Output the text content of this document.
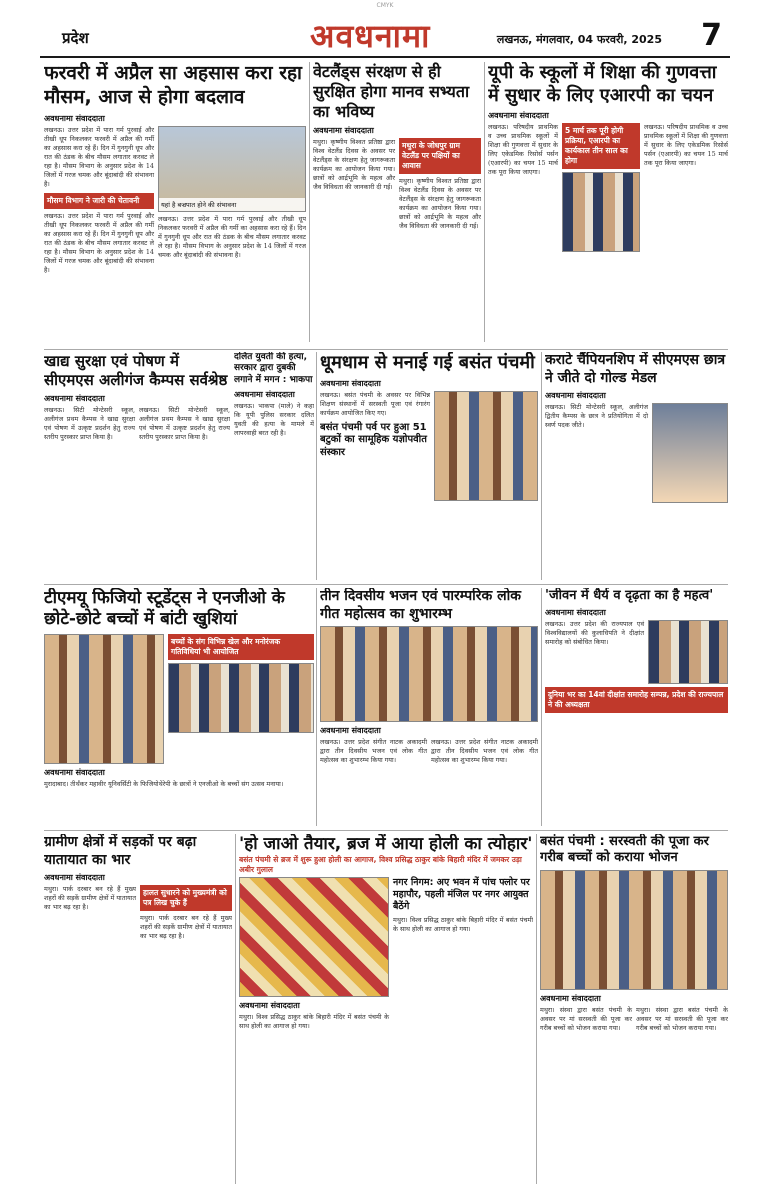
CMYK
प्रदेश	अवधनामा	लखनऊ, मंगलवार, 04 फरवरी, 2025 7
फरवरी में अप्रैल सा अहसास करा रहा मौसम, आज से होगा बदलाव
अवधनामा संवाददाता

लखनऊ। उत्तर प्रदेश में पारा गर्म पुरवाई और तीखी धूप निकलकर फरवरी में अप्रैल की गर्मी का अहसास करा रहे हैं। दिन में गुनगुनी धूप और रात की ठंडक के बीच मौसम लगातार करवट ले रहा है। मौसम विभाग के अनुसार प्रदेश के 14 जिलों में गरज चमक और बूंदाबांदी की संभावना है।

मौसम विभाग ने जारी की चेतावनी

लखनऊ। उत्तर प्रदेश में पारा गर्म पुरवाई और तीखी धूप निकलकर फरवरी में अप्रैल की गर्मी का अहसास करा रहे हैं। दिन में गुनगुनी धूप और रात की ठंडक के बीच मौसम लगातार करवट ले रहा है। मौसम विभाग के अनुसार प्रदेश के 14 जिलों में गरज चमक और बूंदाबांदी की संभावना है।

यहां है बज्रपात होने की संभावना

लखनऊ। उत्तर प्रदेश में पारा गर्म पुरवाई और तीखी धूप निकलकर फरवरी में अप्रैल की गर्मी का अहसास करा रहे हैं। दिन में गुनगुनी धूप और रात की ठंडक के बीच मौसम लगातार करवट ले रहा है। मौसम विभाग के अनुसार प्रदेश के 14 जिलों में गरज चमक और बूंदाबांदी की संभावना है।

वेटलैंड्स संरक्षण से ही सुरक्षित होगा मानव सभ्यता का भविष्य
अवधनामा संवाददाता

मथुरा। कृष्णीय विश्वत प्रतिष्ठा द्वारा विश्व वेटलैंड दिवस के अवसर पर वेटलैंड्स के संरक्षण हेतु जागरूकता कार्यक्रम का आयोजन किया गया। छात्रों को आर्द्रभूमि के महत्व और जैव विविधता की जानकारी दी गई।

मथुरा के जोधपुर ग्राम वेटलैंड पर पक्षियों का आवास

मथुरा। कृष्णीय विश्वत प्रतिष्ठा द्वारा विश्व वेटलैंड दिवस के अवसर पर वेटलैंड्स के संरक्षण हेतु जागरूकता कार्यक्रम का आयोजन किया गया। छात्रों को आर्द्रभूमि के महत्व और जैव विविधता की जानकारी दी गई।

यूपी के स्कूलों में शिक्षा की गुणवत्ता में सुधार के लिए एआरपी का चयन
अवधनामा संवाददाता

लखनऊ। परिषदीय प्राथमिक व उच्च प्राथमिक स्कूलों में शिक्षा की गुणवत्ता में सुधार के लिए एकेडमिक रिसोर्स पर्सन (एआरपी) का चयन 15 मार्च तक पूरा किया जाएगा।

5 मार्च तक पूरी होगी प्रक्रिया, एआरपी का कार्यकाल तीन साल का होगा

लखनऊ। परिषदीय प्राथमिक व उच्च प्राथमिक स्कूलों में शिक्षा की गुणवत्ता में सुधार के लिए एकेडमिक रिसोर्स पर्सन (एआरपी) का चयन 15 मार्च तक पूरा किया जाएगा।

खाद्य सुरक्षा एवं पोषण में सीएमएस अलीगंज कैम्पस सर्वश्रेष्ठ
अवधनामा संवाददाता

लखनऊ। सिटी मोन्टेसरी स्कूल, अलीगंज प्रथम कैम्पस ने खाद्य सुरक्षा एवं पोषण में उत्कृष्ट प्रदर्शन हेतु राज्य स्तरीय पुरस्कार प्राप्त किया है।

लखनऊ। सिटी मोन्टेसरी स्कूल, अलीगंज प्रथम कैम्पस ने खाद्य सुरक्षा एवं पोषण में उत्कृष्ट प्रदर्शन हेतु राज्य स्तरीय पुरस्कार प्राप्त किया है।

दलित युवती की हत्या, सरकार द्वारा दुबकी लगाने में मगन : भाकपा
अवधनामा संवाददाता

लखनऊ। भाकपा (माले) ने कहा कि यूपी पुलिस सरकार दलित युवती की हत्या के मामले में लापरवाही बरत रही है।

धूमधाम से मनाई गई बसंत पंचमी
अवधनामा संवाददाता

लखनऊ। बसंत पंचमी के अवसर पर विभिन्न शिक्षण संस्थानों में सरस्वती पूजा एवं रंगारंग कार्यक्रम आयोजित किए गए।

बसंत पंचमी पर्व पर हुआ 51 बटुकों का सामूहिक यज्ञोपवीत संस्कार
कराटे चैंपियनशिप में सीएमएस छात्र ने जीते दो गोल्ड मेडल
अवधनामा संवाददाता

लखनऊ। सिटी मोन्टेसरी स्कूल, अलीगंज द्वितीय कैम्पस के छात्र ने प्रतियोगिता में दो स्वर्ण पदक जीते।

टीएमयू फिजियो स्टूडेंट्स ने एनजीओ के छोटे-छोटे बच्चों में बांटी खुशियां
बच्चों के संग विभिन्न खेल और मनोरंजक गतिविधियां भी आयोजित
अवधनामा संवाददाता

मुरादाबाद। तीर्थंकर महावीर यूनिवर्सिटी के फिजियोथेरेपी के छात्रों ने एनजीओ के बच्चों संग उत्सव मनाया।

तीन दिवसीय भजन एवं पारम्परिक लोक गीत महोत्सव का शुभारम्भ
अवधनामा संवाददाता

लखनऊ। उत्तर प्रदेश संगीत नाटक अकादमी द्वारा तीन दिवसीय भजन एवं लोक गीत महोत्सव का शुभारम्भ किया गया।

लखनऊ। उत्तर प्रदेश संगीत नाटक अकादमी द्वारा तीन दिवसीय भजन एवं लोक गीत महोत्सव का शुभारम्भ किया गया।

'जीवन में धैर्य व दृढ़ता का है महत्व'
अवधनामा संवाददाता

लखनऊ। उत्तर प्रदेश की राज्यपाल एवं विश्वविद्यालयों की कुलाधिपति ने दीक्षांत समारोह को संबोधित किया।

दुनिया भर का 14वां दीक्षांत समारोह सम्पन्न, प्रदेश की राज्यपाल ने की अध्यक्षता
ग्रामीण क्षेत्रों में सड़कों पर बढ़ा यातायात का भार
अवधनामा संवाददाता

मथुरा। पार्क दरबार बन रहे हैं मुख्य शहरों की सड़कें ग्रामीण क्षेत्रों में यातायात का भार बढ़ रहा है।

हालत सुधारने को मुख्यमंत्री को पत्र लिख चुके हैं

मथुरा। पार्क दरबार बन रहे हैं मुख्य शहरों की सड़कें ग्रामीण क्षेत्रों में यातायात का भार बढ़ रहा है।

'हो जाओ तैयार, ब्रज में आया होली का त्योहार'
बसंत पंचमी से ब्रज में शुरू हुआ होली का आगाज, विश्व प्रसिद्ध ठाकुर बांके बिहारी मंदिर में जमकर उड़ा अबीर गुलाल
अवधनामा संवाददाता

मथुरा। विश्व प्रसिद्ध ठाकुर बांके बिहारी मंदिर में बसंत पंचमी के साथ होली का आगाज हो गया।

नगर निगम: अए भवन में पांच फ्लोर पर महापौर, पहली मंजिल पर नगर आयुक्त बैठेंगे

मथुरा। विश्व प्रसिद्ध ठाकुर बांके बिहारी मंदिर में बसंत पंचमी के साथ होली का आगाज हो गया।

बसंत पंचमी : सरस्वती की पूजा कर गरीब बच्चों को कराया भोजन
अवधनामा संवाददाता

मथुरा। संस्था द्वारा बसंत पंचमी के अवसर पर मां सरस्वती की पूजा कर गरीब बच्चों को भोजन कराया गया।

मथुरा। संस्था द्वारा बसंत पंचमी के अवसर पर मां सरस्वती की पूजा कर गरीब बच्चों को भोजन कराया गया।
